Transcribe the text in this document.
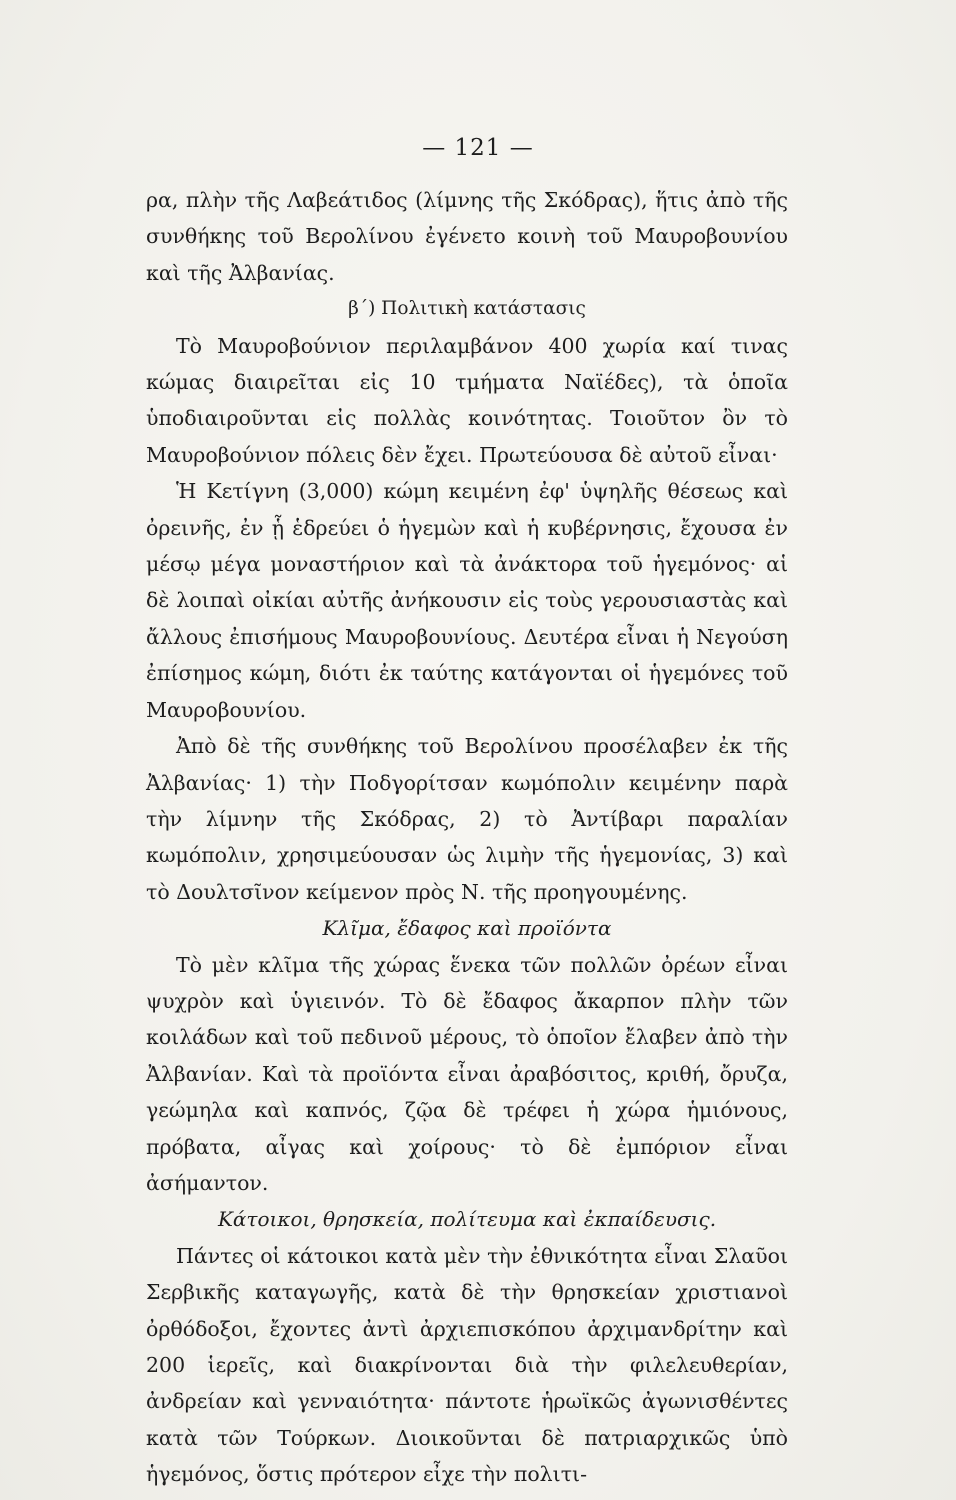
— 121 —

ρα, πλὴν τῆς Λαβεάτιδος (λίμνης τῆς Σκόδρας), ἥτις ἀπὸ τῆς συνθήκης τοῦ Βερολίνου ἐγένετο κοινὴ τοῦ Μαυροβουνίου καὶ τῆς Ἀλβανίας.

β΄) Πολιτικὴ κατάστασις

Τὸ Μαυροβούνιον περιλαμβάνον 400 χωρία καί τινας κώμας διαιρεῖται εἰς 10 τμήματα Ναϊέδες), τὰ ὁποῖα ὑποδιαιροῦνται εἰς πολλὰς κοινότητας. Τοιοῦτον ὂν τὸ Μαυροβούνιον πόλεις δὲν ἔχει. Πρωτεύουσα δὲ αὐτοῦ εἶναι·

Ἡ Κετίγνη (3,000) κώμη κειμένη ἐφ' ὑψηλῆς θέσεως καὶ ὀρεινῆς, ἐν ᾗ ἑδρεύει ὁ ἡγεμὼν καὶ ἡ κυβέρνησις, ἔχουσα ἐν μέσῳ μέγα μοναστήριον καὶ τὰ ἀνάκτορα τοῦ ἡγεμόνος· αἱ δὲ λοιπαὶ οἰκίαι αὐτῆς ἀνήκουσιν εἰς τοὺς γερουσιαστὰς καὶ ἄλλους ἐπισήμους Μαυροβουνίους. Δευτέρα εἶναι ἡ Νεγούση ἐπίσημος κώμη, διότι ἐκ ταύτης κατάγονται οἱ ἡγεμόνες τοῦ Μαυροβουνίου.

Ἀπὸ δὲ τῆς συνθήκης τοῦ Βερολίνου προσέλαβεν ἐκ τῆς Ἀλβανίας· 1) τὴν Ποδγορίτσαν κωμόπολιν κειμένην παρὰ τὴν λίμνην τῆς Σκόδρας, 2) τὸ Ἀντίβαρι παραλίαν κωμόπολιν, χρησιμεύουσαν ὡς λιμὴν τῆς ἡγεμονίας, 3) καὶ τὸ Δουλτσῖνον κείμενον πρὸς Ν. τῆς προηγουμένης.

Κλῖμα, ἔδαφος καὶ προϊόντα

Τὸ μὲν κλῖμα τῆς χώρας ἕνεκα τῶν πολλῶν ὀρέων εἶναι ψυχρὸν καὶ ὑγιεινόν. Τὸ δὲ ἔδαφος ἄκαρπον πλὴν τῶν κοιλάδων καὶ τοῦ πεδινοῦ μέρους, τὸ ὁποῖον ἔλαβεν ἀπὸ τὴν Ἀλβανίαν. Καὶ τὰ προϊόντα εἶναι ἀραβόσιτος, κριθή, ὄρυζα, γεώμηλα καὶ καπνός, ζῷα δὲ τρέφει ἡ χώρα ἡμιόνους, πρόβατα, αἶγας καὶ χοίρους· τὸ δὲ ἐμπόριον εἶναι ἀσήμαντον.

Κάτοικοι, θρησκεία, πολίτευμα καὶ ἐκπαίδευσις.

Πάντες οἱ κάτοικοι κατὰ μὲν τὴν ἐθνικότητα εἶναι Σλαῦοι Σερβικῆς καταγωγῆς, κατὰ δὲ τὴν θρησκείαν χριστιανοὶ ὀρθόδοξοι, ἔχοντες ἀντὶ ἀρχιεπισκόπου ἀρχιμανδρίτην καὶ 200 ἱερεῖς, καὶ διακρίνονται διὰ τὴν φιλελευθερίαν, ἀνδρείαν καὶ γενναιότητα· πάντοτε ἡρωϊκῶς ἀγωνισθέντες κατὰ τῶν Τούρκων. Διοικοῦνται δὲ πατριαρχικῶς ὑπὸ ἡγεμόνος, ὅστις πρότερον εἶχε τὴν πολιτι-
